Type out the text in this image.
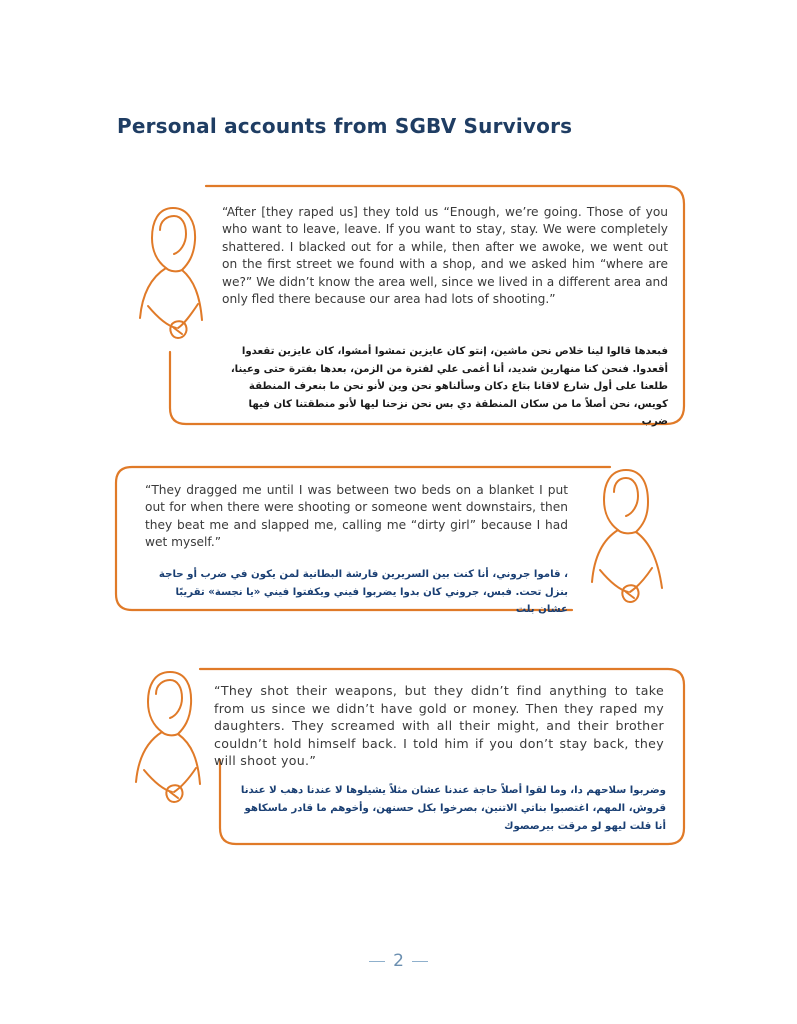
Personal accounts from SGBV Survivors

“After [they raped us] they told us “Enough, we’re going. Those of you who want to leave, leave. If you want to stay, stay. We were completely shattered. I blacked out for a while, then after we awoke, we went out on the first street we found with a shop, and we asked him “where are we?” We didn’t know the area well, since we lived in a different area and only fled there because our area had lots of shooting.”

فبعدها قالوا لينا خلاص نحن ماشين، إنتو كان عايزين تمشوا أمشوا، كان عايزين تقعدوا أقعدوا. فنحن كنا منهارين شديد، أنا أغمى علي لفترة من الزمن، بعدها بفترة حتى وعينا، طلعنا على أول شارع لاقانا بتاع دكان وسألناهو نحن وين لأنو نحن ما بنعرف المنطقة كويس، نحن أصلاً ما من سكان المنطقة دي بس نحن نزحنا ليها لأنو منطقتنا كان فيها ضرب

“They dragged me until I was between two beds on a blanket I put out for when there were shooting or someone went downstairs, then they beat me and slapped me, calling me “dirty girl” because I had wet myself.”

، قاموا جروني، أنا كنت بين السريرين فارشة البطانية لمن يكون في ضرب أو حاجة بنزل تحت. فبس، جروني كان بدوا يضربوا فيني ويكفتوا فيني «يا نجسة» تقريبًا عشان بلت

“They shot their weapons, but they didn’t find anything to take from us since we didn’t have gold or money. Then they raped my daughters. They screamed with all their might, and their brother couldn’t hold himself back. I told him if you don’t stay back, they will shoot you.”

وضربوا سلاحهم دا، وما لقوا أصلاً حاجة عندنا عشان مثلاً يشيلوها لا عندنا دهب لا عندنا قروش، المهم، اغتصبوا بناتي الاتنين، بصرخوا بكل حسنهن، وأخوهم ما قادر ماسكاهو أنا قلت ليهو لو مرقت بيرصصوك

2
